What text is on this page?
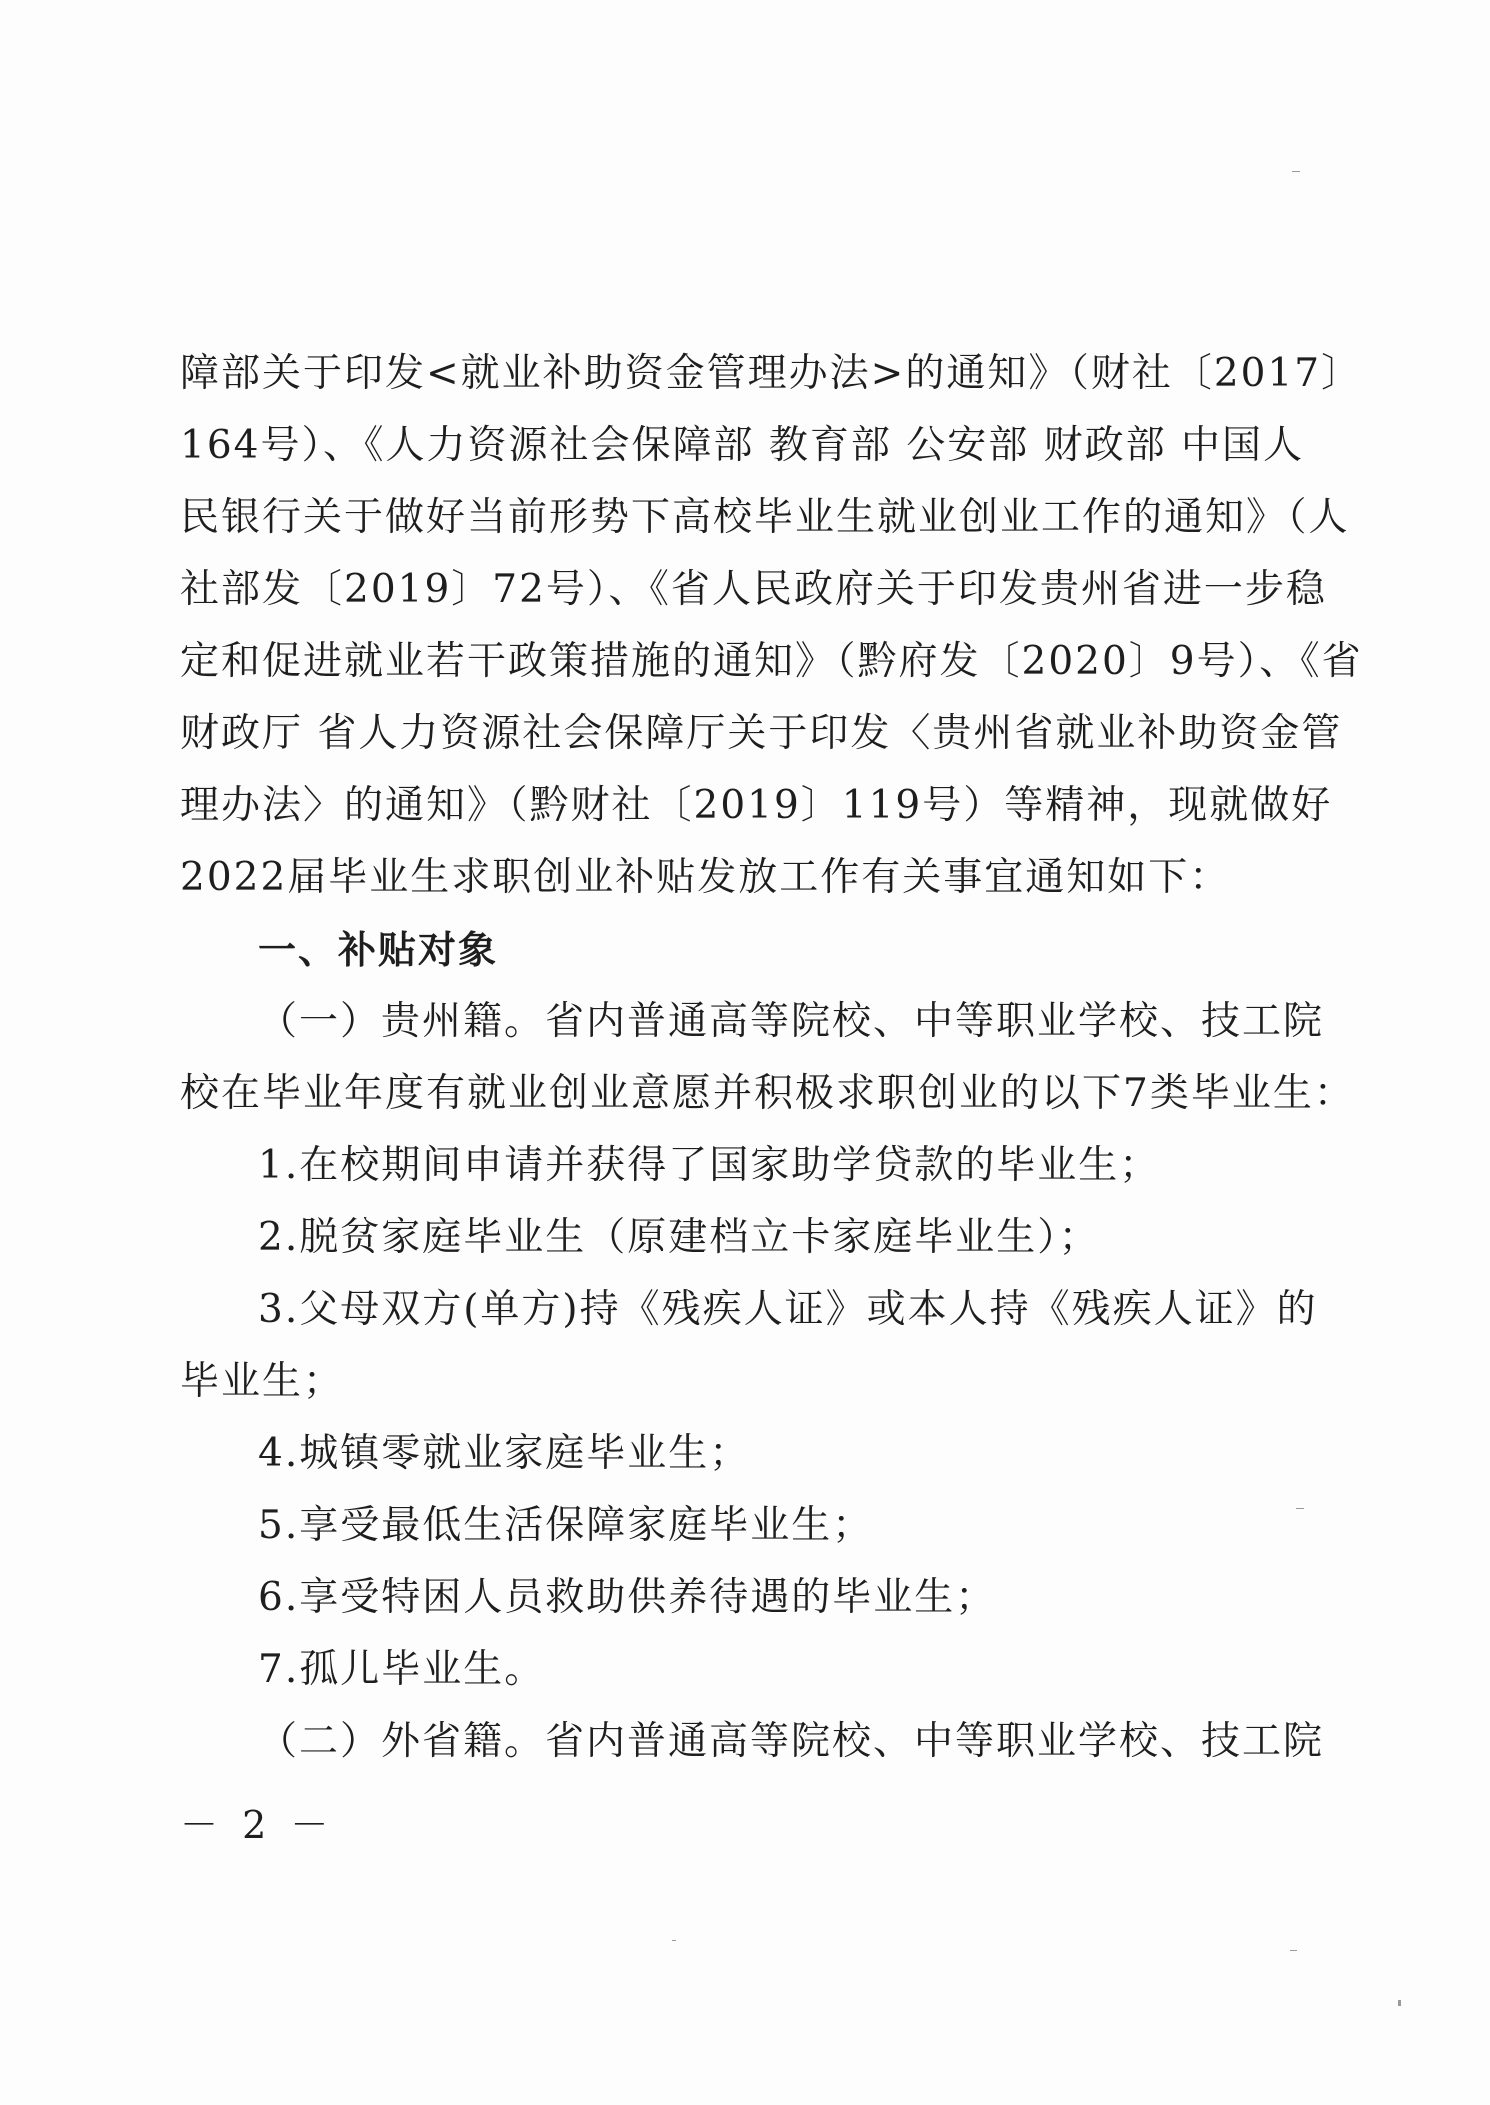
障部关于印发<就业补助资金管理办法>的通知》（财社〔2017〕
164号）、《人力资源社会保障部 教育部 公安部 财政部 中国人
民银行关于做好当前形势下高校毕业生就业创业工作的通知》（人
社部发〔2019〕72号）、《省人民政府关于印发贵州省进一步稳
定和促进就业若干政策措施的通知》（黔府发〔2020〕9号）、《省
财政厅 省人力资源社会保障厅关于印发〈贵州省就业补助资金管
理办法〉的通知》（黔财社〔2019〕119号）等精神，现就做好
2022届毕业生求职创业补贴发放工作有关事宜通知如下：
一、补贴对象
（一）贵州籍。省内普通高等院校、中等职业学校、技工院
校在毕业年度有就业创业意愿并积极求职创业的以下7类毕业生：
1.在校期间申请并获得了国家助学贷款的毕业生；
2.脱贫家庭毕业生（原建档立卡家庭毕业生）；
3.父母双方(单方)持《残疾人证》或本人持《残疾人证》的
毕业生；
4.城镇零就业家庭毕业生；
5.享受最低生活保障家庭毕业生；
6.享受特困人员救助供养待遇的毕业生；
7.孤儿毕业生。
（二）外省籍。省内普通高等院校、中等职业学校、技工院
－ 2 －
